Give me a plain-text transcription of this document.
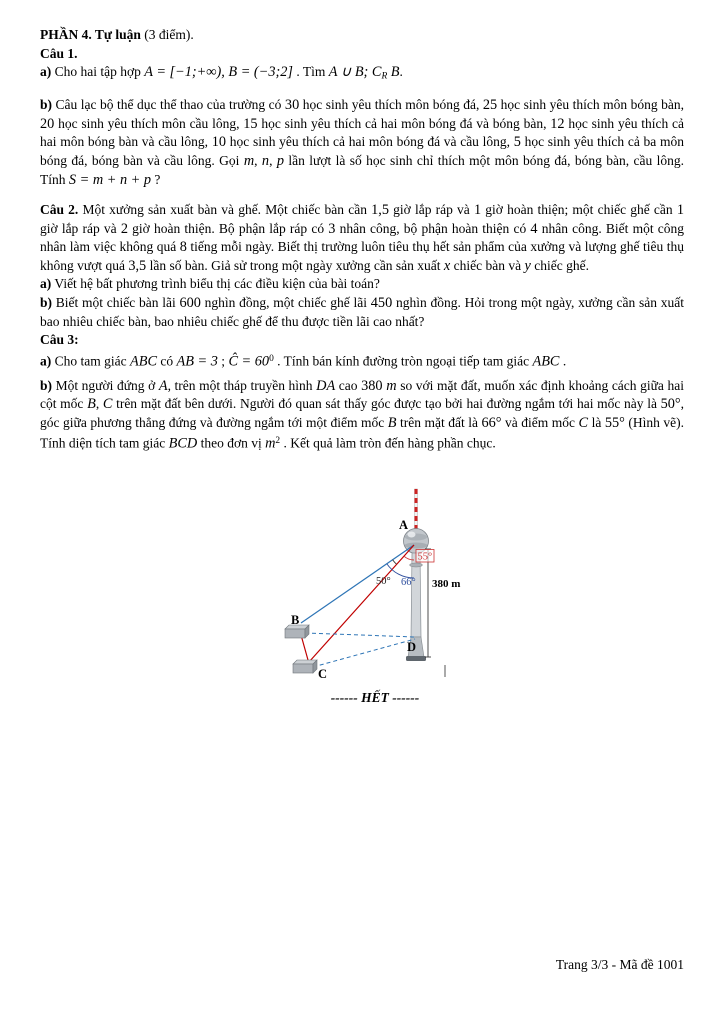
PHẦN 4. Tự luận (3 điểm).

Câu 1.

a) Cho hai tập hợp A = [−1;+∞), B = (−3;2] . Tìm A ∪ B; CR B.

b) Câu lạc bộ thể dục thể thao của trường có 30 học sinh yêu thích môn bóng đá, 25 học sinh yêu thích môn bóng bàn, 20 học sinh yêu thích môn cầu lông, 15 học sinh yêu thích cả hai môn bóng đá và bóng bàn, 12 học sinh yêu thích cả hai môn bóng bàn và cầu lông, 10 học sinh yêu thích cả hai môn bóng đá và cầu lông, 5 học sinh yêu thích cả ba môn bóng đá, bóng bàn và cầu lông. Gọi m, n, p lần lượt là số học sinh chỉ thích một môn bóng đá, bóng bàn, cầu lông. Tính S = m + n + p ?

Câu 2. Một xưởng sản xuất bàn và ghế. Một chiếc bàn cần 1,5 giờ lắp ráp và 1 giờ hoàn thiện; một chiếc ghế cần 1 giờ lắp ráp và 2 giờ hoàn thiện. Bộ phận lắp ráp có 3 nhân công, bộ phận hoàn thiện có 4 nhân công. Biết một công nhân làm việc không quá 8 tiếng mỗi ngày. Biết thị trường luôn tiêu thụ hết sản phẩm của xưởng và lượng ghế tiêu thụ không vượt quá 3,5 lần số bàn. Giả sử trong một ngày xưởng cần sản xuất x chiếc bàn và y chiếc ghế.

a) Viết hệ bất phương trình biểu thị các điều kiện của bài toán?

b) Biết một chiếc bàn lãi 600 nghìn đồng, một chiếc ghế lãi 450 nghìn đồng. Hỏi trong một ngày, xưởng cần sản xuất bao nhiêu chiếc bàn, bao nhiêu chiếc ghế để thu được tiền lãi cao nhất?

Câu 3:

a) Cho tam giác ABC có AB = 3 ; Ĉ = $60^0$ . Tính bán kính đường tròn ngoại tiếp tam giác ABC .

b) Một người đứng ở A, trên một tháp truyền hình DA cao 380 m so với mặt đất, muốn xác định khoảng cách giữa hai cột mốc B, C trên mặt đất bên dưới. Người đó quan sát thấy góc được tạo bởi hai đường ngắm tới hai mốc này là 50°, góc giữa phương thẳng đứng và đường ngắm tới một điểm mốc B trên mặt đất là 66° và điểm mốc C là 55° (Hình vẽ). Tính diện tích tam giác BCD theo đơn vị $m^2$ . Kết quả làm tròn đến hàng phần chục.

A
B
C
D
55°
50° 66° 380 m

------ HẾT ------

Trang 3/3 - Mã đề 1001
